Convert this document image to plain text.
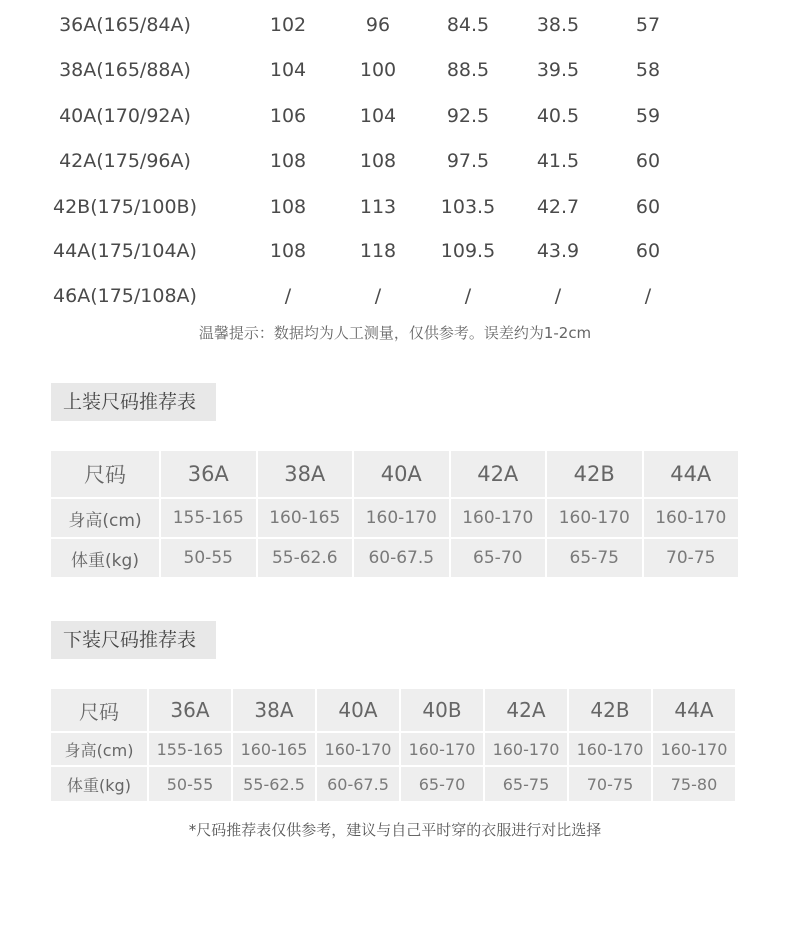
36A(165/84A)	102	96	84.5	38.5	57
38A(165/88A)	104	100	88.5	39.5	58
40A(170/92A)	106	104	92.5	40.5	59
42A(175/96A)	108	108	97.5	41.5	60
42B(175/100B)	108	113	103.5	42.7	60
44A(175/104A)	108	118	109.5	43.9	60
46A(175/108A)	/	/	/	/	/
温馨提示：数据均为人工测量，仅供参考。误差约为1-2cm
上装尺码推荐表
尺码	36A	38A	40A	42A	42B	44A
身高(cm)	155-165	160-165	160-170	160-170	160-170	160-170
体重(kg)	50-55	55-62.6	60-67.5	65-70	65-75	70-75
下装尺码推荐表
尺码	36A	38A	40A	40B	42A	42B	44A
身高(cm)	155-165	160-165	160-170	160-170	160-170	160-170	160-170
体重(kg)	50-55	55-62.5	60-67.5	65-70	65-75	70-75	75-80
*尺码推荐表仅供参考，建议与自己平时穿的衣服进行对比选择
